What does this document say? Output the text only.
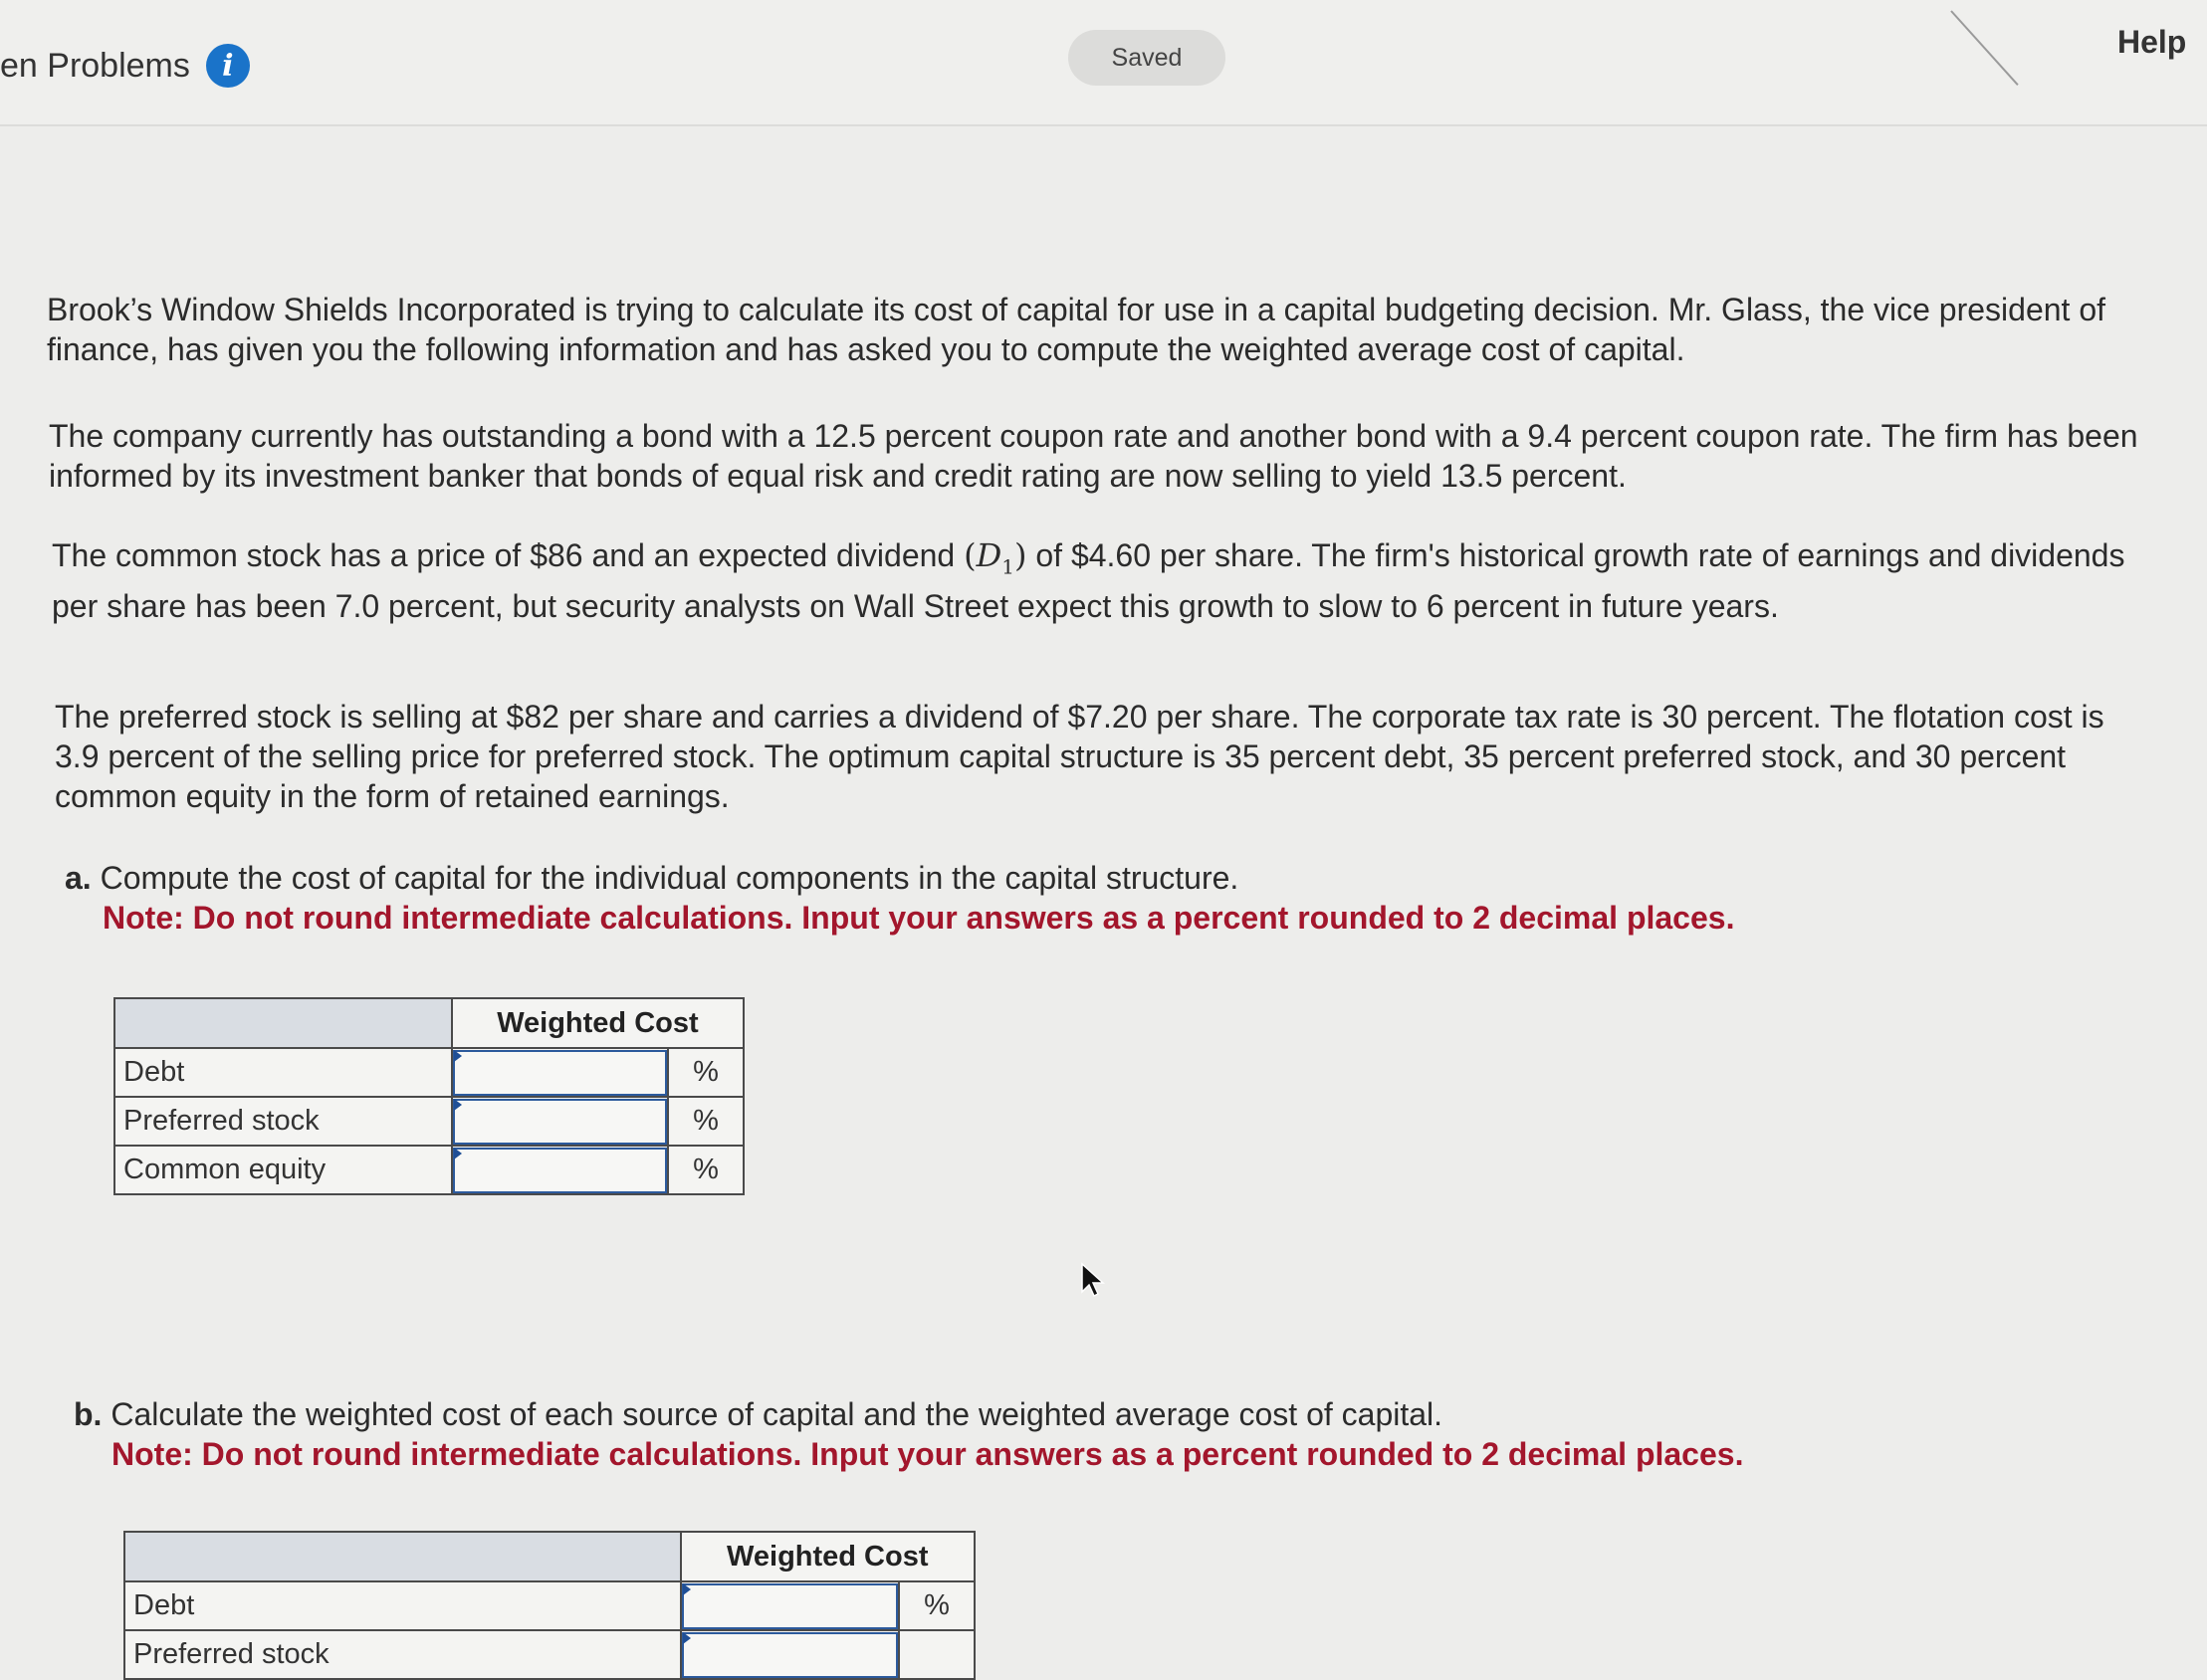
en Problems	i	Saved	Help

Brook’s Window Shields Incorporated is trying to calculate its cost of capital for use in a capital budgeting decision. Mr. Glass, the vice president of finance, has given you the following information and has asked you to compute the weighted average cost of capital.

The company currently has outstanding a bond with a 12.5 percent coupon rate and another bond with a 9.4 percent coupon rate. The firm has been informed by its investment banker that bonds of equal risk and credit rating are now selling to yield 13.5 percent.

The common stock has a price of $86 and an expected dividend $(D_1)$ of $4.60 per share. The firm's historical growth rate of earnings and dividends per share has been 7.0 percent, but security analysts on Wall Street expect this growth to slow to 6 percent in future years.

The preferred stock is selling at $82 per share and carries a dividend of $7.20 per share. The corporate tax rate is 30 percent. The flotation cost is 3.9 percent of the selling price for preferred stock. The optimum capital structure is 35 percent debt, 35 percent preferred stock, and 30 percent common equity in the form of retained earnings.

a. Compute the cost of capital for the individual components in the capital structure.
Note: Do not round intermediate calculations. Input your answers as a percent rounded to 2 decimal places.
	Weighted Cost	
Debt		%
Preferred stock		%
Common equity		%
b. Calculate the weighted cost of each source of capital and the weighted average cost of capital.
Note: Do not round intermediate calculations. Input your answers as a percent rounded to 2 decimal places.
	Weighted Cost	
Debt		%
Preferred stock	
